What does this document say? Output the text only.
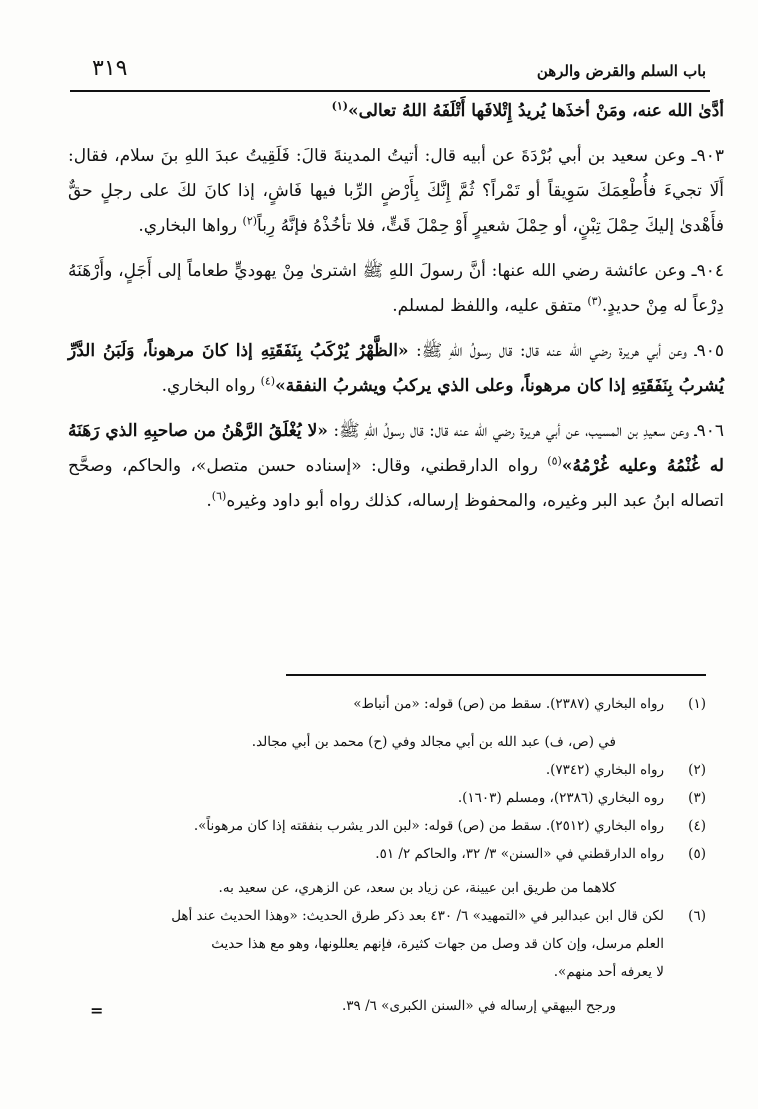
باب السلم والقرض والرهن
٣١٩

أدَّىٰ الله عنه، ومَنْ أخذَها يُريدُ إِتْلافَها أَتْلَفَهُ اللهُ تعالى»$^{(١)}$

٩٠٣ـ وعن سعيد بن أبي بُرْدَةَ عن أبيه قال: أتيتُ المدينةَ قالَ: فَلَقِيتُ عبدَ اللهِ بنَ سلام، فقال: أَلَا تجيءَ فأُطْعِمَكَ سَوِيقاً أو تَمْراً؟ ثُمَّ إِنَّكَ بِأَرْضٍ الرِّبا فيها فَاشٍ، إذا كانَ لكَ على رجلٍ حقٌّ فأَهْدىٰ إليكَ حِمْلَ تِبْنٍ، أو حِمْلَ شعيرٍ أَوْ حِمْلَ قَتٍّ، فلا تأخُذْهُ فإنَّهُ رِباً$^{(٢)}$ رواها البخاري.

٩٠٤ـ وعن عائشة رضي الله عنها: أنَّ رسولَ اللهِ ﷺ اشترىٰ مِنْ يهوديٍّ طعاماً إلى أَجَلٍ، وأَرْهَنَهُ دِرْعاً له مِنْ حديدٍ.$^{(٣)}$ متفق عليه، واللفظ لمسلم.

٩٠٥ـ وعن أبي هريرة رضي الله عنه قال: قال رسولُ اللهِ ﷺ: «الظَّهْرُ يُرْكَبُ بِنَفَقَتِهِ إذا كانَ مرهوناً، وَلَبَنُ الدَّرِّ يُشربُ بِنَفَقَتِهِ إذا كان مرهوناً، وعلى الذي يركبُ ويشربُ النفقة»$^{(٤)}$ رواه البخاري.

٩٠٦ـ وعن سعيدِ بن المسيب، عن أبي هريرة رضي الله عنه قال: قال رسولُ اللهِ ﷺ: «لا يُغْلَقُ الرَّهْنُ من صاحبِهِ الذي رَهَنَهُ له غُنْمُهُ وعليه غُرْمُهُ»$^{(٥)}$ رواه الدارقطني، وقال: «إسناده حسن متصل»، والحاكم، وصحَّح اتصاله ابنُ عبد البر وغيره، والمحفوظ إرساله، كذلك رواه أبو داود وغيره$^{(٦)}$.

(١)
رواه البخاري (٢٣٨٧). سقط من (ص) قوله: «من أنباط»
في (ص، ف) عبد الله بن أبي مجالد وفي (ح) محمد بن أبي مجالد.
(٢)
رواه البخاري (٧٣٤٢).
(٣)
روه البخاري (٢٣٨٦)، ومسلم (١٦٠٣).
(٤)
رواه البخاري (٢٥١٢). سقط من (ص) قوله: «لبن الدر يشرب بنفقته إذا كان مرهوناً».
(٥)
رواه الدارقطني في «السنن» ٣/ ٣٢، والحاكم ٢/ ٥١.
كلاهما من طريق ابن عيينة، عن زياد بن سعد، عن الزهري، عن سعيد به.
(٦)
لكن قال ابن عبدالبر في «التمهيد» ٦/ ٤٣٠ بعد ذكر طرق الحديث: «وهذا الحديث عند أهل
العلم مرسل، وإن كان قد وصل من جهات كثيرة، فإنهم يعللونها، وهو مع هذا حديث
لا يعرفه أحد منهم».
ورجح البيهقي إرساله في «السنن الكبرى» ٦/ ٣٩.
=
